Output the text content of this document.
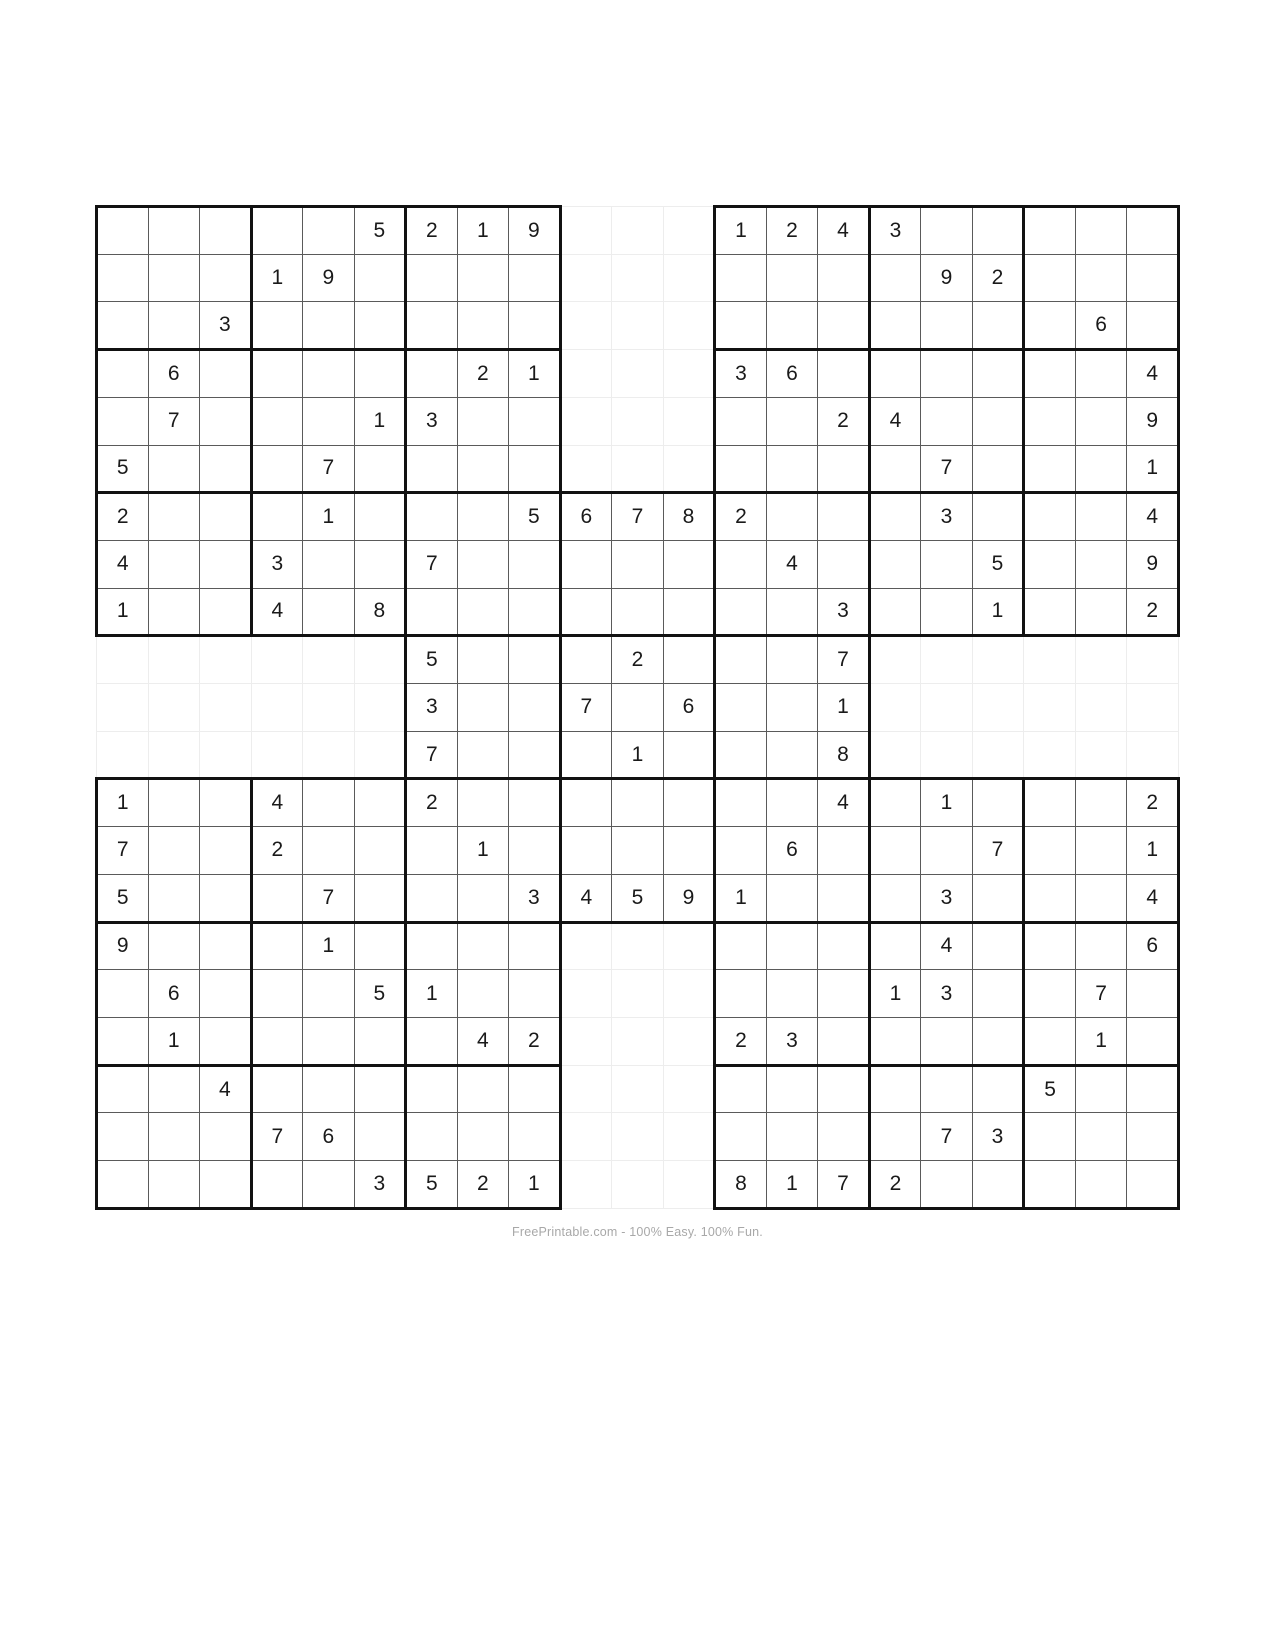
					5	2	1	9				1	2	4	3					
			1	9												9	2			
		3																	6	
	6						2	1				3	6							4
	7				1	3								2	4					9
5				7												7				1
2				1				5	6	7	8	2				3				4
4			3			7							4				5			9
1			4		8									3			1			2
						5				2				7						
						3			7		6			1						
						7				1				8						
1			4			2								4		1				2
7			2				1						6				7			1
5				7				3	4	5	9	1				3				4
9				1												4				6
	6				5	1									1	3			7	
	1						4	2				2	3						1	
		4																5		
			7	6												7	3			
					3	5	2	1				8	1	7	2					
FreePrintable.com - 100% Easy. 100% Fun.
